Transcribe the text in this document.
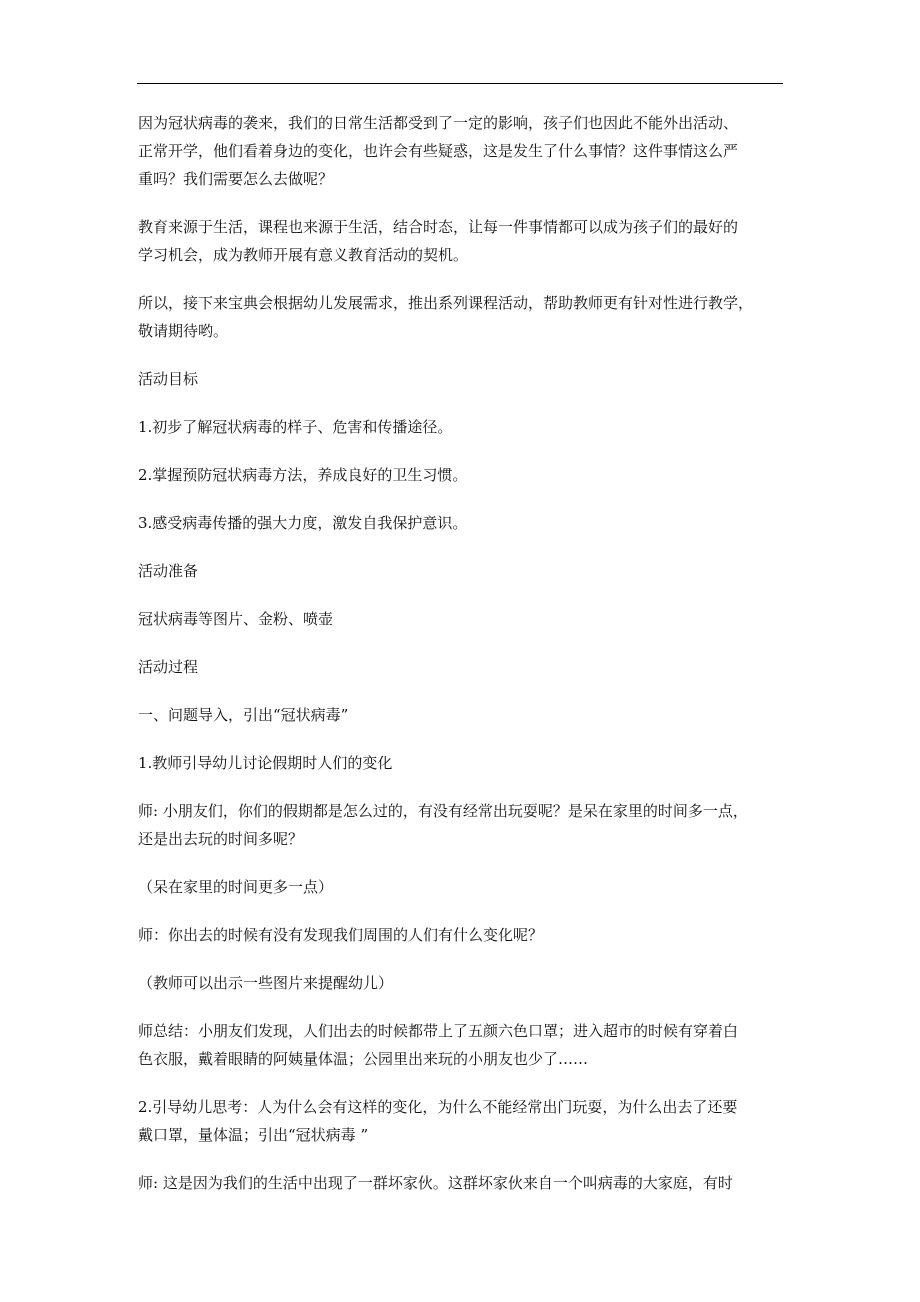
因为冠状病毒的袭来，我们的日常生活都受到了一定的影响，孩子们也因此不能外出活动、
正常开学，他们看着身边的变化，也许会有些疑惑，这是发生了什么事情？这件事情这么严
重吗？我们需要怎么去做呢？

教育来源于生活，课程也来源于生活，结合时态，让每一件事情都可以成为孩子们的最好的
学习机会，成为教师开展有意义教育活动的契机。

所以，接下来宝典会根据幼儿发展需求，推出系列课程活动，帮助教师更有针对性进行教学，
敬请期待哟。

活动目标

1.初步了解冠状病毒的样子、危害和传播途径。

2.掌握预防冠状病毒方法，养成良好的卫生习惯。

3.感受病毒传播的强大力度，激发自我保护意识。

活动准备

冠状病毒等图片、金粉、喷壶

活动过程

一、问题导入，引出“冠状病毒”

1.教师引导幼儿讨论假期时人们的变化

师: 小朋友们，你们的假期都是怎么过的，有没有经常出玩耍呢？是呆在家里的时间多一点，
还是出去玩的时间多呢？

（呆在家里的时间更多一点）

师：你出去的时候有没有发现我们周围的人们有什么变化呢？

（教师可以出示一些图片来提醒幼儿）

师总结：小朋友们发现，人们出去的时候都带上了五颜六色口罩；进入超市的时候有穿着白
色衣服，戴着眼睛的阿姨量体温；公园里出来玩的小朋友也少了……

2.引导幼儿思考：人为什么会有这样的变化，为什么不能经常出门玩耍，为什么出去了还要
戴口罩，量体温；引出“冠状病毒 ”

师: 这是因为我们的生活中出现了一群坏家伙。这群坏家伙来自一个叫病毒的大家庭，有时
